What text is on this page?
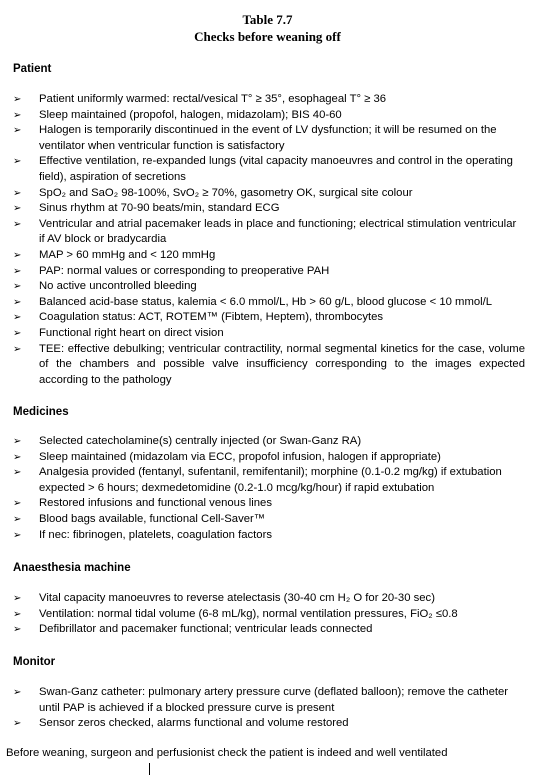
Table 7.7
Checks before weaning off
Patient
➢	Patient uniformly warmed: rectal/vesical T° ≥ 35°, esophageal T° ≥ 36
➢	Sleep maintained (propofol, halogen, midazolam); BIS 40-60
➢	Halogen is temporarily discontinued in the event of LV dysfunction; it will be resumed on the ventilator when ventricular function is satisfactory
➢	Effective ventilation, re-expanded lungs (vital capacity manoeuvres and control in the operating field), aspiration of secretions
➢	SpO₂ and SaO₂ 98-100%, SvO₂ ≥ 70%, gasometry OK, surgical site colour
➢	Sinus rhythm at 70-90 beats/min, standard ECG
➢	Ventricular and atrial pacemaker leads in place and functioning; electrical stimulation ventricular if AV block or bradycardia
➢	MAP > 60 mmHg and < 120 mmHg
➢	PAP: normal values or corresponding to preoperative PAH
➢	No active uncontrolled bleeding
➢	Balanced acid-base status, kalemia < 6.0 mmol/L, Hb > 60 g/L, blood glucose < 10 mmol/L
➢	Coagulation status: ACT, ROTEM™ (Fibtem, Heptem), thrombocytes
➢	Functional right heart on direct vision
➢	TEE: effective debulking; ventricular contractility, normal segmental kinetics for the case, volume of the chambers and possible valve insufficiency corresponding to the images expected according to the pathology
Medicines
➢	Selected catecholamine(s) centrally injected (or Swan-Ganz RA)
➢	Sleep maintained (midazolam via ECC, propofol infusion, halogen if appropriate)
➢	Analgesia provided (fentanyl, sufentanil, remifentanil); morphine (0.1-0.2 mg/kg) if extubation expected > 6 hours; dexmedetomidine (0.2-1.0 mcg/kg/hour) if rapid extubation
➢	Restored infusions and functional venous lines
➢	Blood bags available, functional Cell-Saver™
➢	If nec: fibrinogen, platelets, coagulation factors
Anaesthesia machine
➢	Vital capacity manoeuvres to reverse atelectasis (30-40 cm H₂ O for 20-30 sec)
➢	Ventilation: normal tidal volume (6-8 mL/kg), normal ventilation pressures, FiO₂ ≤0.8
➢	Defibrillator and pacemaker functional; ventricular leads connected
Monitor
➢	Swan-Ganz catheter: pulmonary artery pressure curve (deflated balloon); remove the catheter until PAP is achieved if a blocked pressure curve is present
➢	Sensor zeros checked, alarms functional and volume restored
Before weaning, surgeon and perfusionist check the patient is indeed and well ventilated
